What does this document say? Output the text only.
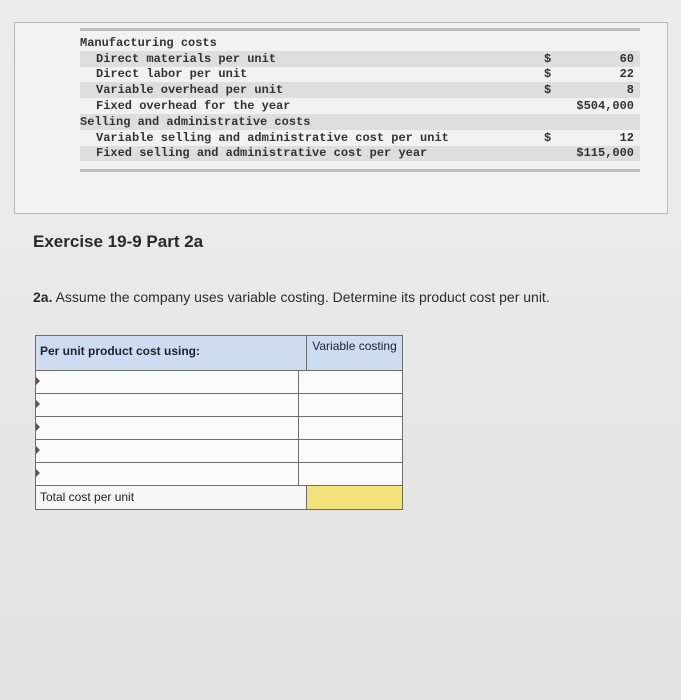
Manufacturing costs
Direct materials per unit	$	60
Direct labor per unit	$	22
Variable overhead per unit	$	8
Fixed overhead for the year	$504,000
Selling and administrative costs
Variable selling and administrative cost per unit	$	12
Fixed selling and administrative cost per year	$115,000
Exercise 19-9 Part 2a
2a. Assume the company uses variable costing. Determine its product cost per unit.
Per unit product cost using:	Variable costing
Total cost per unit
